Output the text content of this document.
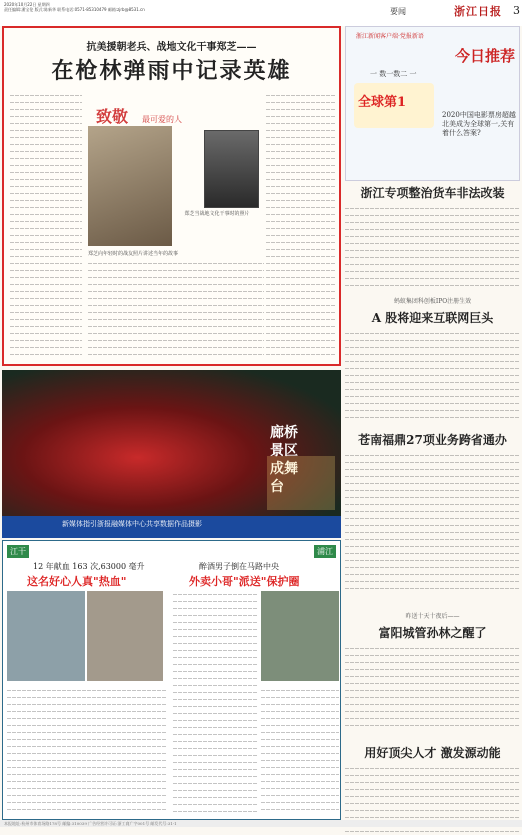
2020年10月22日 星期四
责任编辑:潘宝伦 版式:陈新华 联系电话:0571-85310479 邮箱:zjrb@8531.cn	要闻	浙江日报 3
抗美援朝老兵、战地文化干事郑芝——
在枪林弹雨中记录英雄
致敬 最可爱的人
郑芝向年轻时的战友照片讲述当年的故事
郑芝当战地文化干事时的照片
浙江新闻客户端·党报新语
今日推荐
一 数一数二 一
全球第1
2020中国电影票房超越北美成为全球第一,关有着什么答案?
浙江专项整治货车非法改装
蚂蚁集团科创板IPO注册生效
A 股将迎来互联网巨头
苍南福鼎27项业务跨省通办
昨送十天十夜后——
富阳城管孙林之醒了
用好顶尖人才 激发源动能
廊桥景区成舞台
新媒体指引浙报融媒体中心共享数据作品摄影
江干	浦江
12 年献血 163 次,63000 毫升
这名好心人真"热血"
醉酒男子倒在马路中央
外卖小哥"派送"保护圈
本报地址:杭州市体育场路178号 邮编:310039 广告经营许可证:浙工商广字001号 邮发代号:31-1
